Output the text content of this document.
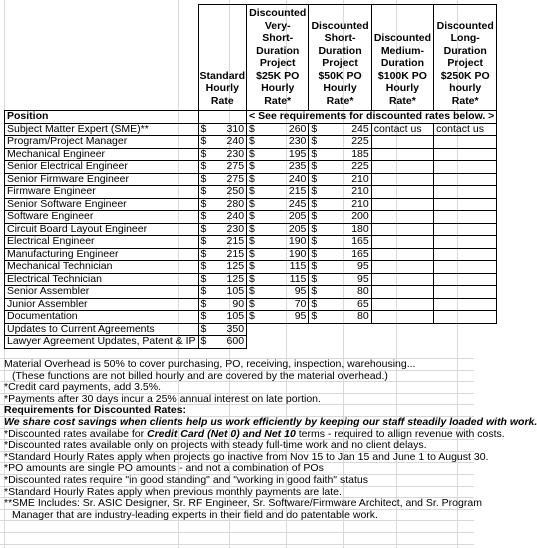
	Standard Hourly Rate	Discounted Very- Short- Duration Project $25K PO Hourly Rate*	Discounted Short- Duration Project $50K PO Hourly Rate*	Discounted Medium- Duration $100K PO Hourly Rate*	Discounted Long- Duration Project $250K PO hourly Rate*
Position		< See requirements for discounted rates below. >			
Subject Matter Expert (SME)**	$ 310	$ 260	$ 245	contact us	contact us
Program/Project Manager	$ 240	$ 230	$ 225		

Mechanical Engineer	$ 230	$ 195	$ 185		

Senior Electrical Engineer	$ 275	$ 235	$ 225		

Senior Firmware Engineer	$ 275	$ 240	$ 210		

Firmware Engineer	$ 250	$ 215	$ 210		

Senior Software Engineer	$ 280	$ 245	$ 210		

Software Engineer	$ 240	$ 205	$ 200		

Circuit Board Layout Engineer	$ 230	$ 205	$ 180		

Electrical Engineer	$ 215	$ 190	$ 165		

Manufacturing Engineer	$ 215	$ 190	$ 165		

Mechanical Technician	$ 125	$ 115	$ 95		

Electrical Technician	$ 125	$ 115	$ 95		

Senior Assembler	$ 105	$ 95	$ 80		

Junior Assembler	$ 90	$ 70	$ 65		

Documentation	$ 105	$ 95	$ 80		

Updates to Current Agreements	$ 350				

Lawyer Agreement Updates, Patent & IP	$ 600				
Material Overhead is 50% to cover purchasing, PO, receiving, inspection, warehousing...
(These functions are not billed hourly and are covered by the material overhead.)
*Credit card payments, add 3.5%.
*Payments after 30 days incur a 25% annual interest on late portion.
Requirements for Discounted Rates:
We share cost savings when clients help us work efficiently by keeping our staff steadily loaded with work.
*Discounted rates availabe for Credit Card (Net 0) and Net 10 terms - required to allign revenue with costs.
*Discounted rates available only on projects with steady full-time work and no client delays.
*Standard Hourly Rates apply when projects go inactive from Nov 15 to Jan 15 and June 1 to August 30.
*PO amounts are single PO amounts - and not a combination of POs
*Discounted rates require "in good standing" and "working in good faith" status
*Standard Hourly Rates apply when previous monthly payments are late.
**SME Includes: Sr. ASIC Designer, Sr. RF Engineer, Sr. Software/Firmware Architect, and Sr. Program
Manager that are industry-leading experts in their field and do patentable work.
